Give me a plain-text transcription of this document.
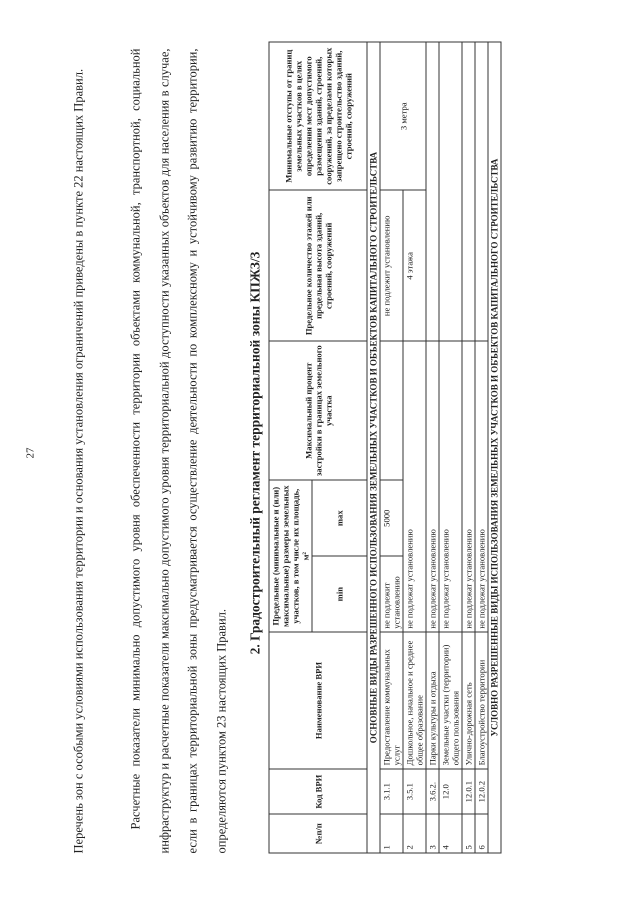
27	Перечень зон с особыми условиями использования территории и основания установления ограничений приведены в пункте 22 настоящих Правил.	Расчетные показатели минимально допустимого уровня обеспеченности территории объектами коммунальной, транспортной, социальной инфраструктур и расчетные показатели максимально допустимого уровня территориальной доступности указанных объектов для населения в случае, если в границах территориальной зоны предусматривается осуществление деятельности по комплексному и устойчивому развитию территории, определяются пунктом 23 настоящих Правил.
2. Градостроительный регламент территориальной зоны КПЖЗ/3
№п/п	Код ВРИ	Наименование ВРИ	Предельные (минимальные и (или) максимальные) размеры земельных участков, в том числе их площадь, м²		Максимальный процент застройки в границах земельного участка	Предельное количество этажей или предельная высота зданий, строений, сооружений	Минимальные отступы от границ земельных участков в целях определения мест допустимого размещения зданий, строений, сооружений, за пределами которых запрещено строительство зданий, строений, сооружений
			min	max			
ОСНОВНЫЕ ВИДЫ РАЗРЕШЕННОГО ИСПОЛЬЗОВАНИЯ ЗЕМЕЛЬНЫХ УЧАСТКОВ И ОБЪЕКТОВ КАПИТАЛЬНОГО СТРОИТЕЛЬСТВА							
1	3.1.1	Предоставление коммунальных услуг	не подлежит установлению	5000		не подлежит установлению	3 метра
2	3.5.1	Дошкольное, начальное и среднее общее образование	не подлежат установлению			4 этажа	
3	3.6.2.	Парки культуры и отдыха	не подлежат установлению				
4	12.0	Земельные участки (территории) общего пользования	не подлежат установлению				
5	12.0.1	Улично-дорожная сеть	не подлежат установлению				
6	12.0.2	Благоустройство территории	не подлежат установлению				
УСЛОВНО РАЗРЕШЕННЫЕ ВИДЫ ИСПОЛЬЗОВАНИЯ ЗЕМЕЛЬНЫХ УЧАСТКОВ И ОБЪЕКТОВ КАПИТАЛЬНОГО СТРОИТЕЛЬСТВА							
